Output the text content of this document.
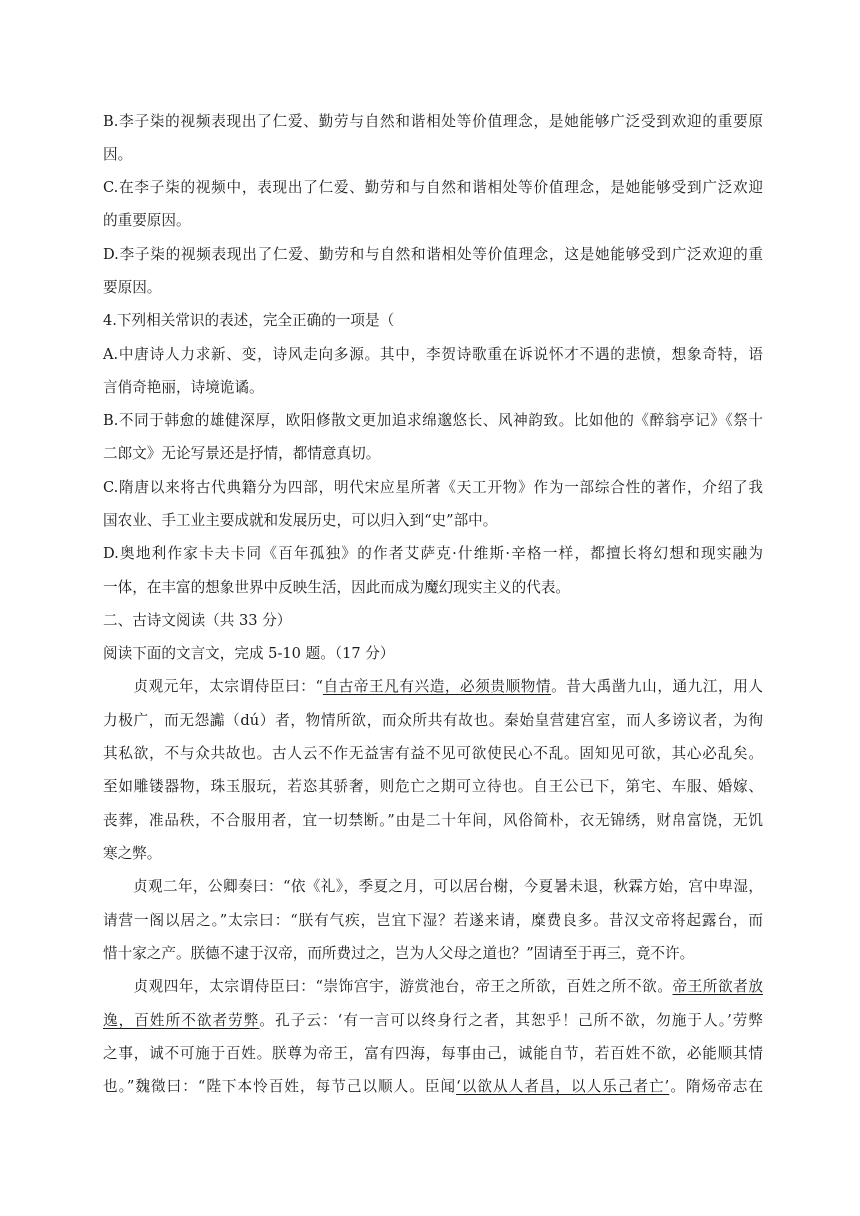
B.李子柒的视频表现出了仁爱、勤劳与自然和谐相处等价值理念，是她能够广泛受到欢迎的重要原
因。
C.在李子柒的视频中，表现出了仁爱、勤劳和与自然和谐相处等价值理念，是她能够受到广泛欢迎
的重要原因。
D.李子柒的视频表现出了仁爱、勤劳和与自然和谐相处等价值理念，这是她能够受到广泛欢迎的重
要原因。
4.下列相关常识的表述，完全正确的一项是（
A.中唐诗人力求新、变，诗风走向多源。其中，李贺诗歌重在诉说怀才不遇的悲愤，想象奇特，语
言俏奇艳丽，诗境诡谲。
B.不同于韩愈的雄健深厚，欧阳修散文更加追求绵邈悠长、风神韵致。比如他的《醉翁亭记》《祭十
二郎文》无论写景还是抒情，都情意真切。
C.隋唐以来将古代典籍分为四部，明代宋应星所著《天工开物》作为一部综合性的著作，介绍了我
国农业、手工业主要成就和发展历史，可以归入到“史”部中。
D.奥地利作家卡夫卡同《百年孤独》的作者艾萨克·什维斯·辛格一样，都擅长将幻想和现实融为
一体，在丰富的想象世界中反映生活，因此而成为魔幻现实主义的代表。
二、古诗文阅读（共 33 分）
阅读下面的文言文，完成 5-10 题。（17 分）
　　贞观元年，太宗谓侍臣曰：“自古帝王凡有兴造，必须贵顺物情。昔大禹凿九山，通九江，用人
力极广，而无怨讟（dú）者，物情所欲，而众所共有故也。秦始皇营建宫室，而人多谤议者，为徇
其私欲，不与众共故也。古人云不作无益害有益不见可欲使民心不乱。固知见可欲，其心必乱矣。
至如雕镂器物，珠玉服玩，若恣其骄奢，则危亡之期可立待也。自王公已下，第宅、车服、婚嫁、
丧葬，准品秩，不合服用者，宜一切禁断。”由是二十年间，风俗简朴，衣无锦绣，财帛富饶，无饥
寒之弊。
　　贞观二年，公卿奏曰：“依《礼》，季夏之月，可以居台榭，今夏暑未退，秋霖方始，宫中卑湿，
请营一阁以居之。”太宗曰：“朕有气疾，岂宜下湿？若遂来请，糜费良多。昔汉文帝将起露台，而
惜十家之产。朕德不逮于汉帝，而所费过之，岂为人父母之道也？”固请至于再三，竟不许。
　　贞观四年，太宗谓侍臣曰：“崇饰宫宇，游赏池台，帝王之所欲，百姓之所不欲。帝王所欲者放
逸，百姓所不欲者劳弊。孔子云：‘有一言可以终身行之者，其恕乎！己所不欲，勿施于人。’劳弊
之事，诚不可施于百姓。朕尊为帝王，富有四海，每事由己，诚能自节，若百姓不欲，必能顺其情
也。”魏徵曰：“陛下本怜百姓，每节己以顺人。臣闻‘以欲从人者昌，以人乐己者亡’。隋炀帝志在
